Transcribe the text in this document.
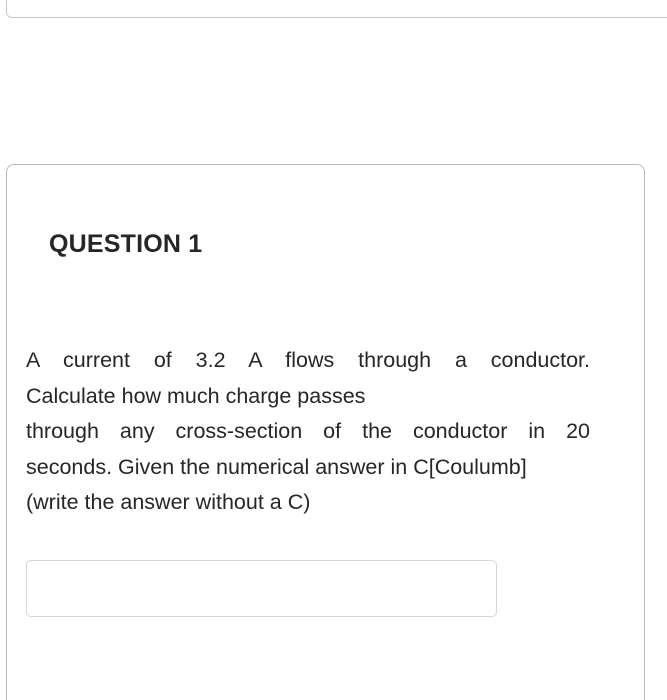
QUESTION 1

A current of 3.2 A flows through a conductor.
Calculate how much charge passes
through any cross-section of the conductor in 20
seconds. Given the numerical answer in C[Coulumb]
(write the answer without a C)
